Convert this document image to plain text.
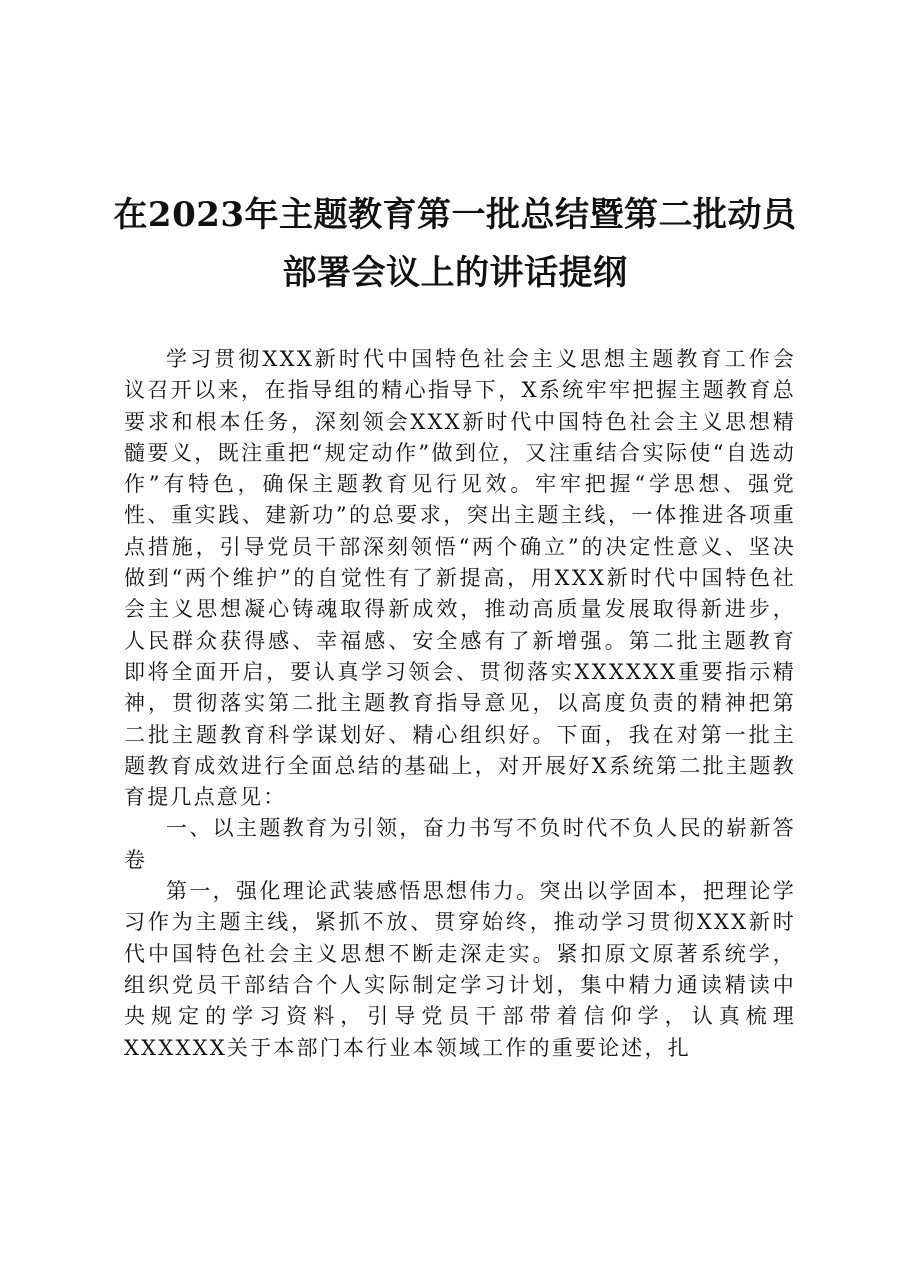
在2023年主题教育第一批总结暨第二批动员
部署会议上的讲话提纲

学习贯彻XXX新时代中国特色社会主义思想主题教育工作会议召开以来，在指导组的精心指导下，X系统牢牢把握主题教育总要求和根本任务，深刻领会XXX新时代中国特色社会主义思想精髓要义，既注重把“规定动作”做到位，又注重结合实际使“自选动作”有特色，确保主题教育见行见效。牢牢把握“学思想、强党性、重实践、建新功”的总要求，突出主题主线，一体推进各项重点措施，引导党员干部深刻领悟“两个确立”的决定性意义、坚决做到“两个维护”的自觉性有了新提高，用XXX新时代中国特色社会主义思想凝心铸魂取得新成效，推动高质量发展取得新进步，人民群众获得感、幸福感、安全感有了新增强。第二批主题教育即将全面开启，要认真学习领会、贯彻落实XXXXXX重要指示精神，贯彻落实第二批主题教育指导意见，以高度负责的精神把第二批主题教育科学谋划好、精心组织好。下面，我在对第一批主题教育成效进行全面总结的基础上，对开展好X系统第二批主题教育提几点意见：

一、以主题教育为引领，奋力书写不负时代不负人民的崭新答卷

第一，强化理论武装感悟思想伟力。突出以学固本，把理论学习作为主题主线，紧抓不放、贯穿始终，推动学习贯彻XXX新时代中国特色社会主义思想不断走深走实。紧扣原文原著系统学，组织党员干部结合个人实际制定学习计划，集中精力通读精读中央规定的学习资料，引导党员干部带着信仰学，认真梳理XXXXXX关于本部门本行业本领域工作的重要论述，扎
